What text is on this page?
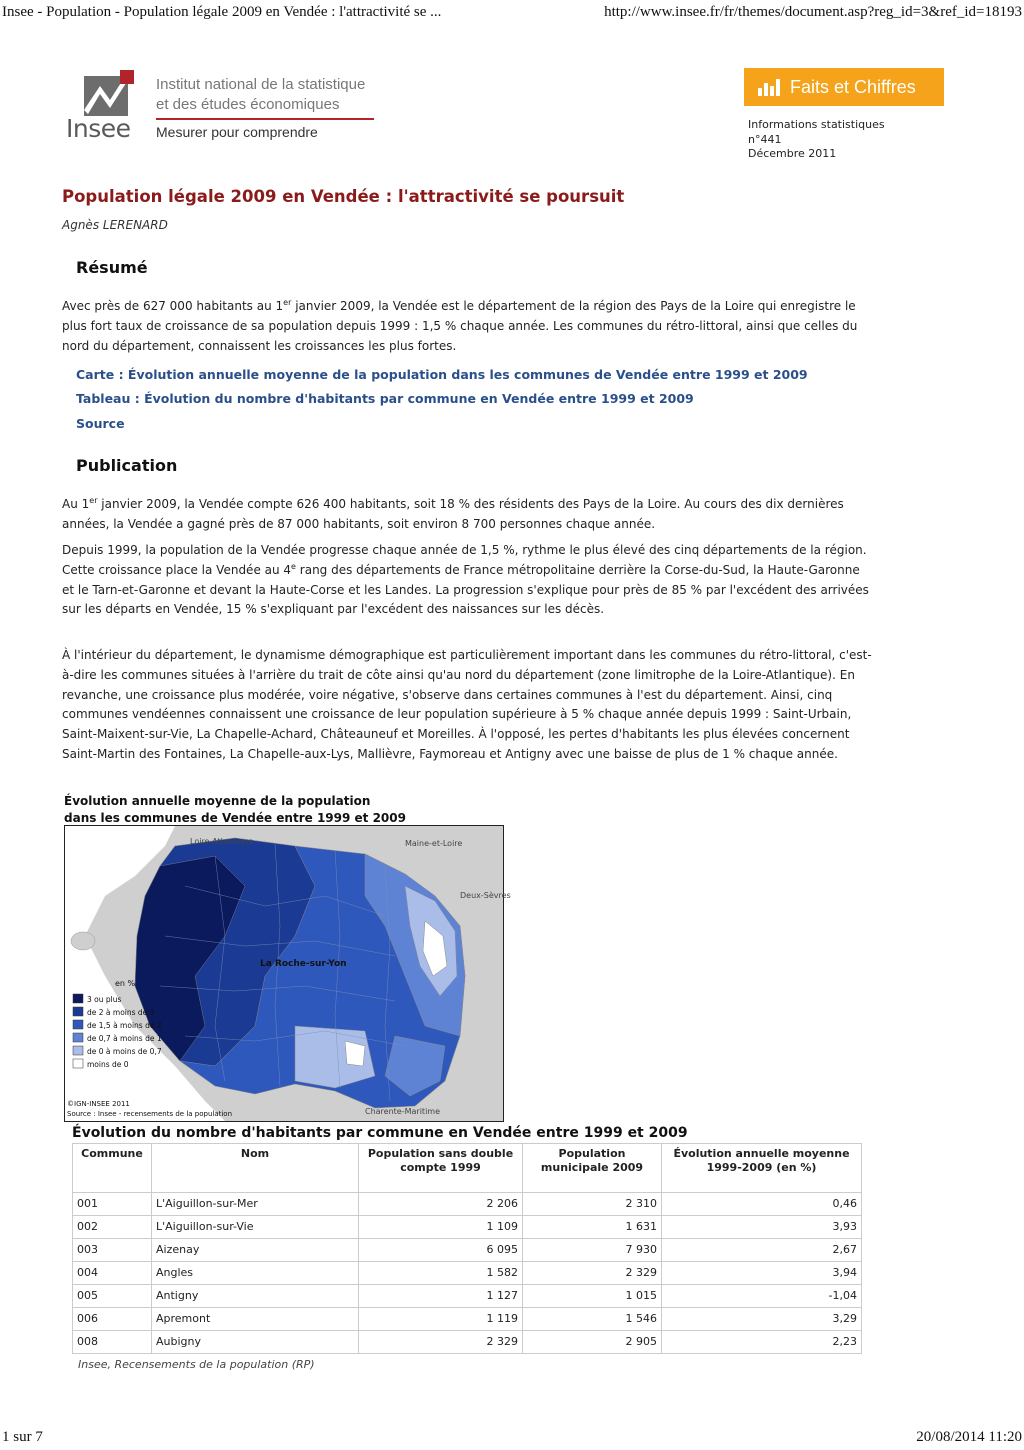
Insee - Population - Population légale 2009 en Vendée : l'attractivité se ...	http://www.insee.fr/fr/themes/document.asp?reg_id=3&ref_id=18193
Insee
Institut national de la statistique
et des études économiques
Mesurer pour comprendre
Faits et Chiffres
Informations statistiques
n°441
Décembre 2011
Population légale 2009 en Vendée : l'attractivité se poursuit
Agnès LERENARD
Résumé
Avec près de 627 000 habitants au 1er janvier 2009, la Vendée est le département de la région des Pays de la Loire qui enregistre le plus fort taux de croissance de sa population depuis 1999 : 1,5 % chaque année. Les communes du rétro-littoral, ainsi que celles du nord du département, connaissent les croissances les plus fortes.
Carte : Évolution annuelle moyenne de la population dans les communes de Vendée entre 1999 et 2009
Tableau : Évolution du nombre d'habitants par commune en Vendée entre 1999 et 2009
Source
Publication
Au 1er janvier 2009, la Vendée compte 626 400 habitants, soit 18 % des résidents des Pays de la Loire. Au cours des dix dernières années, la Vendée a gagné près de 87 000 habitants, soit environ 8 700 personnes chaque année.
Depuis 1999, la population de la Vendée progresse chaque année de 1,5 %, rythme le plus élevé des cinq départements de la région. Cette croissance place la Vendée au 4e rang des départements de France métropolitaine derrière la Corse-du-Sud, la Haute-Garonne et le Tarn-et-Garonne et devant la Haute-Corse et les Landes. La progression s'explique pour près de 85 % par l'excédent des arrivées sur les départs en Vendée, 15 % s'expliquant par l'excédent des naissances sur les décès.
À l'intérieur du département, le dynamisme démographique est particulièrement important dans les communes du rétro-littoral, c'est-à-dire les communes situées à l'arrière du trait de côte ainsi qu'au nord du département (zone limitrophe de la Loire-Atlantique). En revanche, une croissance plus modérée, voire négative, s'observe dans certaines communes à l'est du département. Ainsi, cinq communes vendéennes connaissent une croissance de leur population supérieure à 5 % chaque année depuis 1999 : Saint-Urbain, Saint-Maixent-sur-Vie, La Chapelle-Achard, Châteauneuf et Moreilles. À l'opposé, les pertes d'habitants les plus élevées concernent Saint-Martin des Fontaines, La Chapelle-aux-Lys, Mallièvre, Faymoreau et Antigny avec une baisse de plus de 1 % chaque année.
Évolution annuelle moyenne de la population
dans les communes de Vendée entre 1999 et 2009
Loire-Atlantique	Maine-et-Loire
Deux-Sèvres
La Roche-sur-Yon
Charente-Maritime
en %
3 ou plus
de 2 à moins de 3
de 1,5 à moins de 2
de 0,7 à moins de 1
de 0 à moins de 0,7
moins de 0
©IGN-INSEE 2011
Source : Insee - recensements de la population
Évolution du nombre d'habitants par commune en Vendée entre 1999 et 2009
Commune	Nom	Population sans double compte 1999	Population municipale 2009	Évolution annuelle moyenne 1999-2009 (en %)
001	L'Aiguillon-sur-Mer	2 206	2 310	0,46
002	L'Aiguillon-sur-Vie	1 109	1 631	3,93
003	Aizenay	6 095	7 930	2,67
004	Angles	1 582	2 329	3,94
005	Antigny	1 127	1 015	-1,04
006	Apremont	1 119	1 546	3,29
008	Aubigny	2 329	2 905	2,23
Insee, Recensements de la population (RP)
1 sur 7	20/08/2014 11:20
